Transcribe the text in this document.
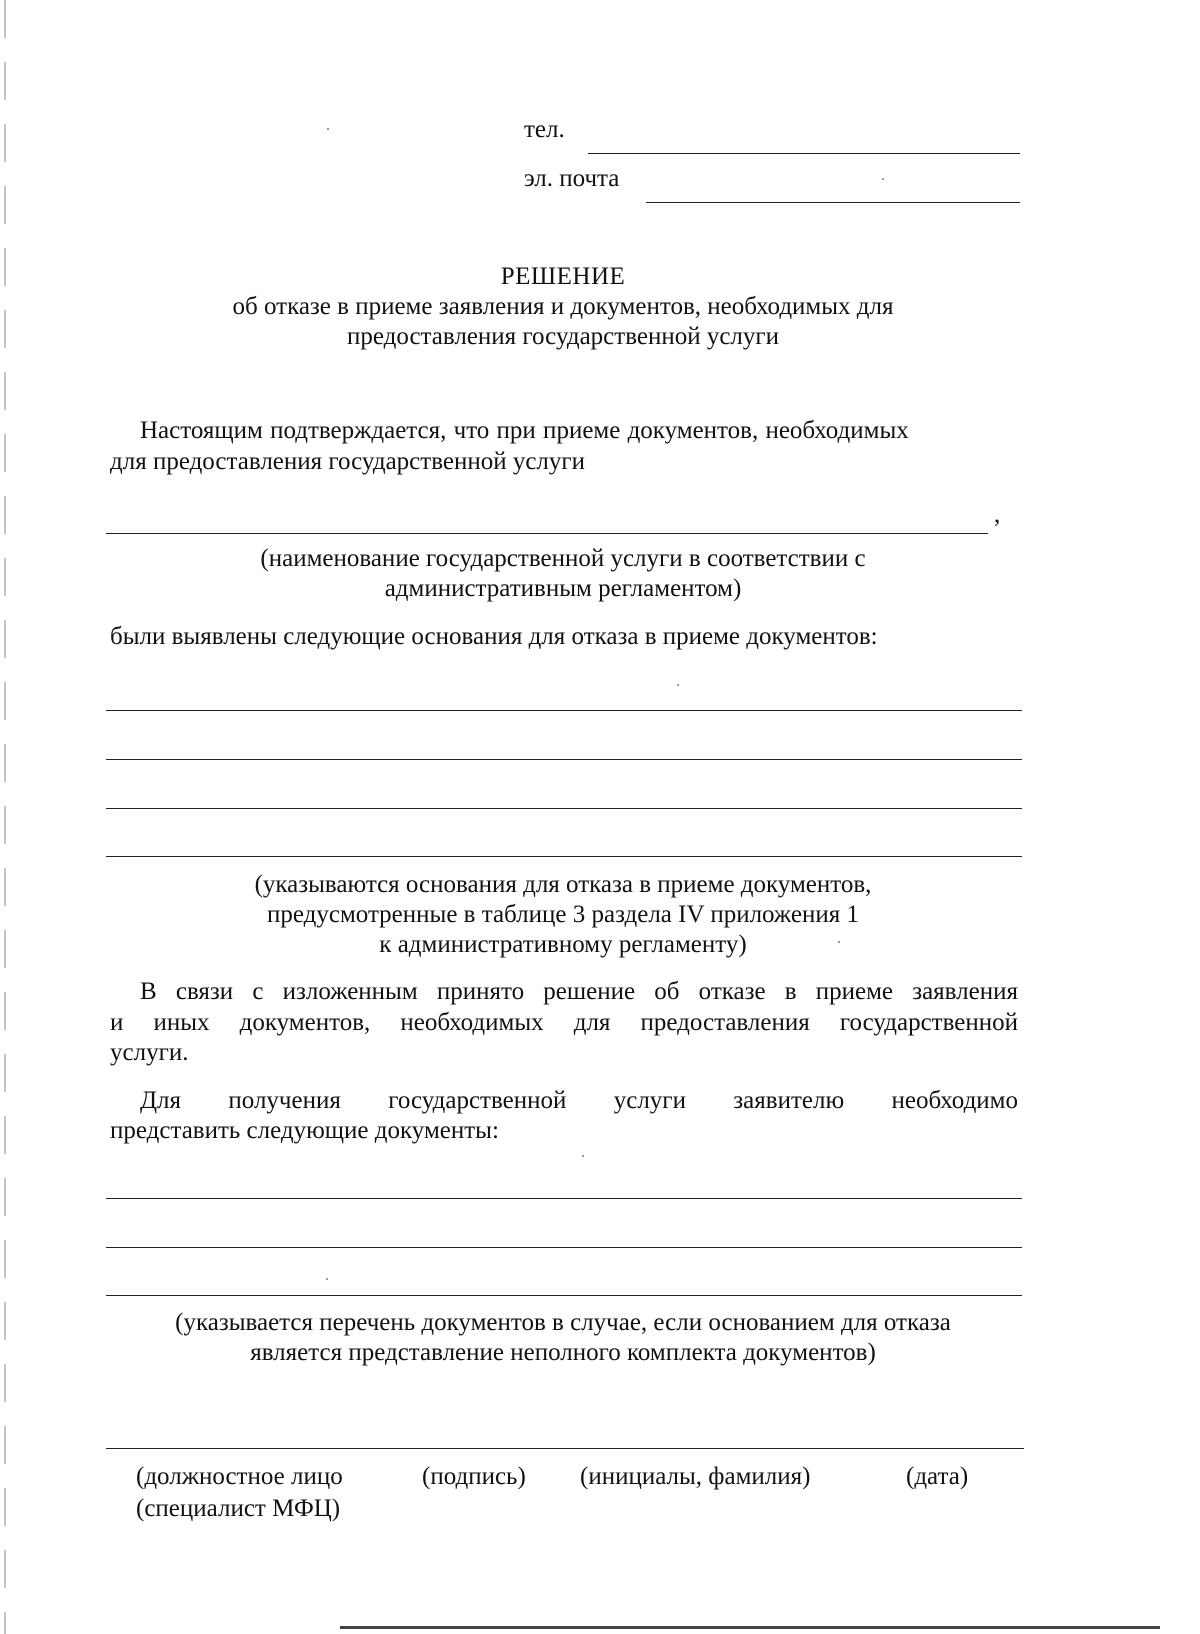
тел.
эл. почта
РЕШЕНИЕ
об отказе в приеме заявления и документов, необходимых для
предоставления государственной услуги
Настоящим подтверждается, что при приеме документов, необходимых
для предоставления государственной услуги
,
(наименование государственной услуги в соответствии с
административным регламентом)
были выявлены следующие основания для отказа в приеме документов:
(указываются основания для отказа в приеме документов,
предусмотренные в таблице 3 раздела IV приложения 1
к административному регламенту)
В связи с изложенным принято решение об отказе в приеме заявления
и иных документов, необходимых для предоставления государственной
услуги.
Для получения государственной услуги заявителю необходимо
представить следующие документы:
(указывается перечень документов в случае, если основанием для отказа
является представление неполного комплекта документов)
(должностное лицо
(специалист МФЦ)
(подпись) (инициалы, фамилия)	(дата)
